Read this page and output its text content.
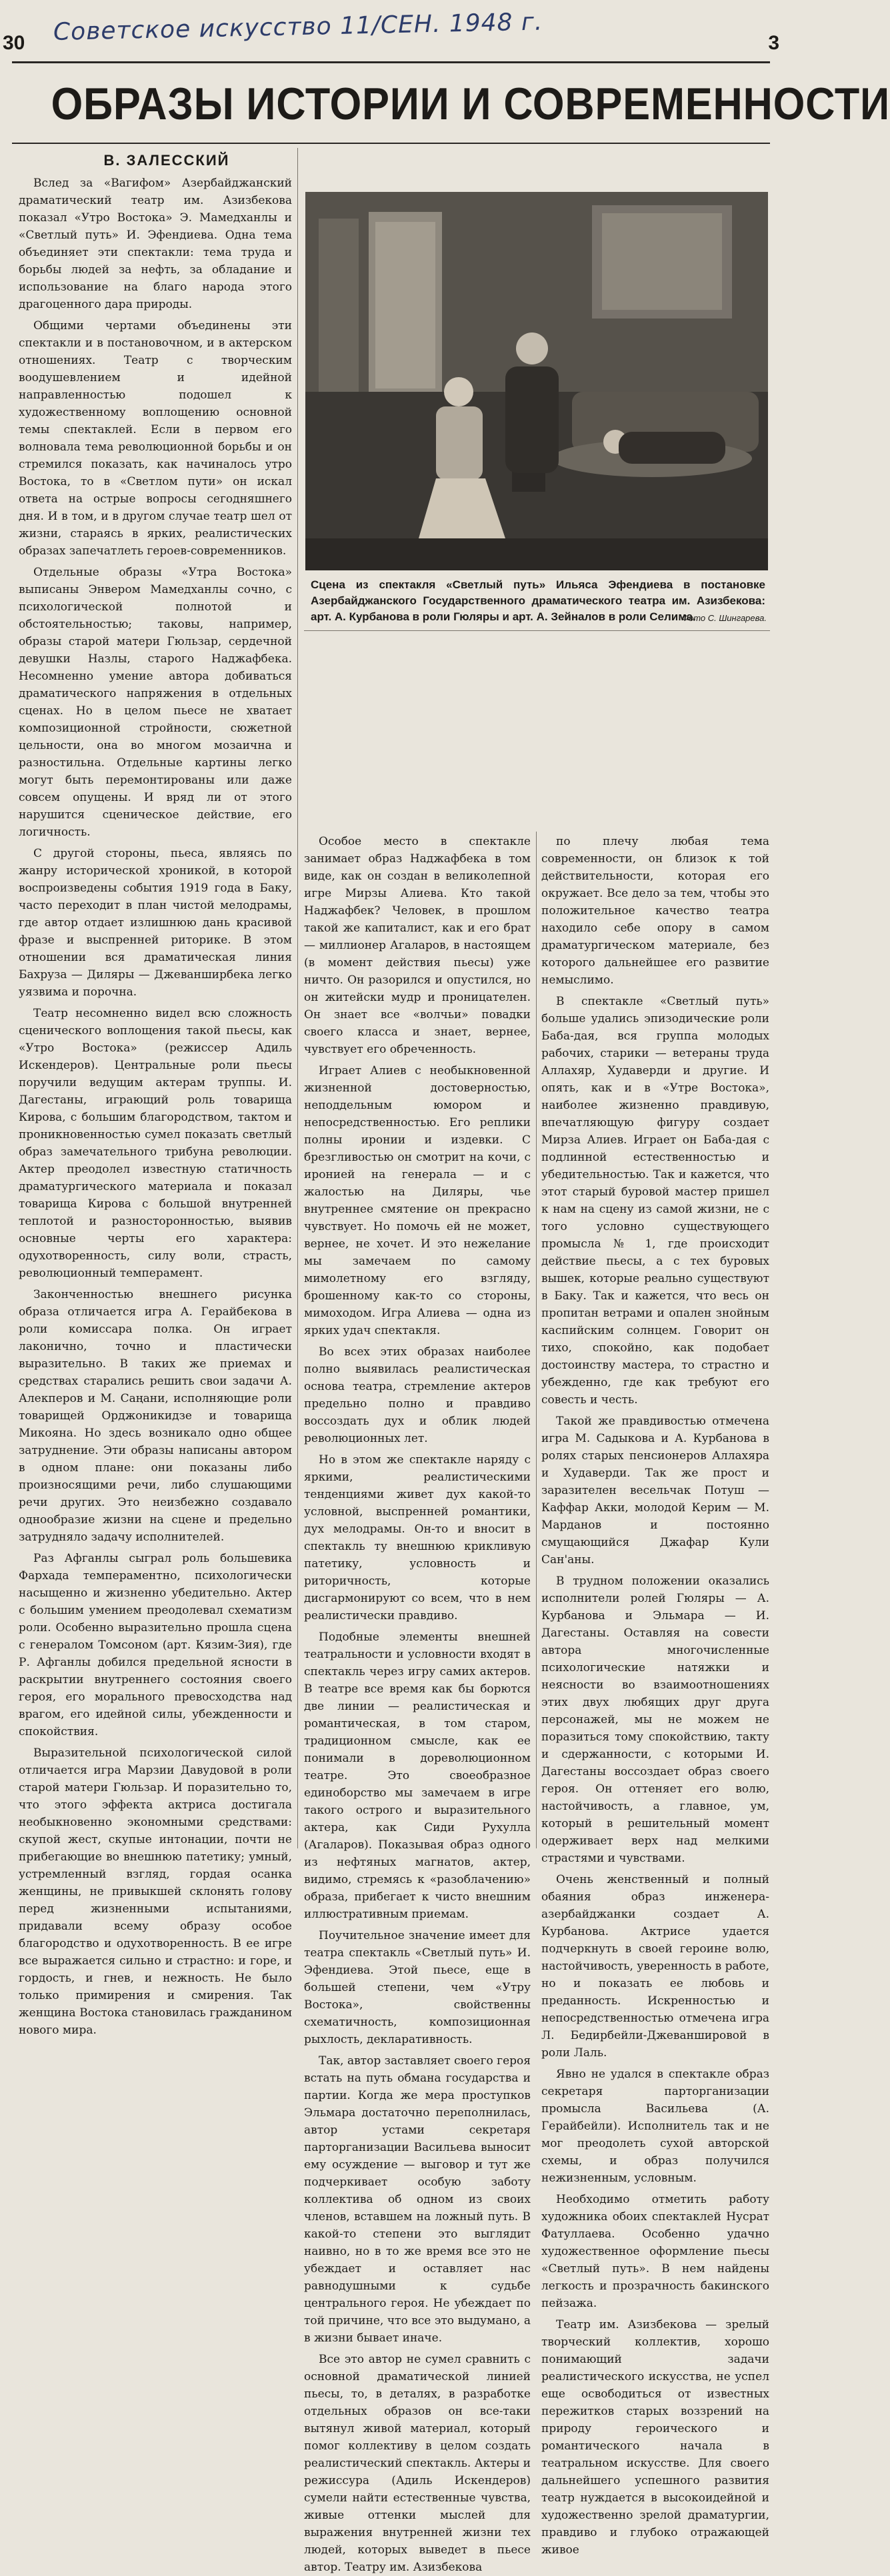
Советское искусство 11/СЕН. 1948 г.
30	3
ОБРАЗЫ ИСТОРИИ И СОВРЕМЕННОСТИ
В. ЗАЛЕССКИЙ

Вслед за «Вагифом» Азербайджанский драматический театр им. Азизбекова показал «Утро Востока» Э. Мамедханлы и «Светлый путь» И. Эфендиева. Одна тема объединяет эти спектакли: тема труда и борьбы людей за нефть, за обладание и использование на благо народа этого драгоценного дара природы.

Общими чертами объединены эти спектакли и в постановочном, и в актерском отношениях. Театр с творческим воодушевлением и идейной направленностью подошел к художественному воплощению основной темы спектаклей. Если в первом его волновала тема революционной борьбы и он стремился показать, как начиналось утро Востока, то в «Светлом пути» он искал ответа на острые вопросы сегодняшнего дня. И в том, и в другом случае театр шел от жизни, стараясь в ярких, реалистических образах запечатлеть героев-современников.

Отдельные образы «Утра Востока» выписаны Энвером Мамедханлы сочно, с психологической полнотой и обстоятельностью; таковы, например, образы старой матери Гюльзар, сердечной девушки Назлы, старого Наджафбека. Несомненно умение автора добиваться драматического напряжения в отдельных сценах. Но в целом пьесе не хватает композиционной стройности, сюжетной цельности, она во многом мозаична и разностильна. Отдельные картины легко могут быть перемонтированы или даже совсем опущены. И вряд ли от этого нарушится сценическое действие, его логичность.

С другой стороны, пьеса, являясь по жанру исторической хроникой, в которой воспроизведены события 1919 года в Баку, часто переходит в план чистой мелодрамы, где автор отдает излишнюю дань красивой фразе и выспренней риторике. В этом отношении вся драматическая линия Бахруза — Диляры — Джеванширбека легко уязвима и порочна.

Театр несомненно видел всю сложность сценического воплощения такой пьесы, как «Утро Востока» (режиссер Адиль Искендеров). Центральные роли пьесы поручили ведущим актерам труппы. И. Дагестаны, играющий роль товарища Кирова, с большим благородством, тактом и проникновенностью сумел показать светлый образ замечательного трибуна революции. Актер преодолел известную статичность драматургического материала и показал товарища Кирова с большой внутренней теплотой и разносторонностью, выявив основные черты его характера: одухотворенность, силу воли, страсть, революционный темперамент.

Законченностью внешнего рисунка образа отличается игра А. Герайбекова в роли комиссара полка. Он играет лаконично, точно и пластически выразительно. В таких же приемах и средствах старались решить свои задачи А. Алекперов и М. Саңани, исполняющие роли товарищей Орджоникидзе и товарища Микояна. Но здесь возникало одно общее затруднение. Эти образы написаны автором в одном плане: они показаны либо произносящими речи, либо слушающими речи других. Это неизбежно создавало однообразие жизни на сцене и предельно затрудняло задачу исполнителей.

Раз Афганлы сыграл роль большевика Фархада темпераментно, психологически насыщенно и жизненно убедительно. Актер с большим умением преодолевал схематизм роли. Особенно выразительно прошла сцена с генералом Томсоном (арт. Кязим-Зия), где Р. Афганлы добился предельной ясности в раскрытии внутреннего состояния своего героя, его морального превосходства над врагом, его идейной силы, убежденности и спокойствия.

Выразительной психологической силой отличается игра Марзии Давудовой в роли старой матери Гюльзар. И поразительно то, что этого эффекта актриса достигала необыкновенно экономными средствами: скупой жест, скупые интонации, почти не прибегающие во внешнюю патетику; умный, устремленный взгляд, гордая осанка женщины, не привыкшей склонять голову перед жизненными испытаниями, придавали всему образу особое благородство и одухотворенность. В ее игре все выражается сильно и страстно: и горе, и гордость, и гнев, и нежность. Не было только примирения и смирения. Так женщина Востока становилась гражданином нового мира.

Сцена из спектакля «Светлый путь» Ильяса Эфендиева в постановке Азербайджанского Государственного драматического театра им. Азизбекова: арт. А. Курбанова в роли Гюляры и арт. А. Зейналов в роли Селима.
Фото С. Шингарева.

Особое место в спектакле занимает образ Наджафбека в том виде, как он создан в великолепной игре Мирзы Алиева. Кто такой Наджафбек? Человек, в прошлом такой же капиталист, как и его брат — миллионер Агаларов, в настоящем (в момент действия пьесы) уже ничто. Он разорился и опустился, но он житейски мудр и проницателен. Он знает все «волчьи» повадки своего класса и знает, вернее, чувствует его обреченность.

Играет Алиев с необыкновенной жизненной достоверностью, неподдельным юмором и непосредственностью. Его реплики полны иронии и издевки. С брезгливостью он смотрит на кочи, с иронией на генерала — и с жалостью на Диляры, чье внутреннее смятение он прекрасно чувствует. Но помочь ей не может, вернее, не хочет. И это нежелание мы замечаем по самому мимолетному его взгляду, брошенному как-то со стороны, мимоходом. Игра Алиева — одна из ярких удач спектакля.

Во всех этих образах наиболее полно выявилась реалистическая основа театра, стремление актеров предельно полно и правдиво воссоздать дух и облик людей революционных лет.

Но в этом же спектакле наряду с яркими, реалистическими тенденциями живет дух какой-то условной, выспренней романтики, дух мелодрамы. Он-то и вносит в спектакль ту внешнюю крикливую патетику, условность и риторичность, которые дисгармонируют со всем, что в нем реалистически правдиво.

Подобные элементы внешней театральности и условности входят в спектакль через игру самих актеров. В театре все время как бы борются две линии — реалистическая и романтическая, в том старом, традиционном смысле, как ее понимали в дореволюционном театре. Это своеобразное единоборство мы замечаем в игре такого острого и выразительного актера, как Сиди Рухулла (Агаларов). Показывая образ одного из нефтяных магнатов, актер, видимо, стремясь к «разоблачению» образа, прибегает к чисто внешним иллюстративным приемам.

Поучительное значение имеет для театра спектакль «Светлый путь» И. Эфендиева. Этой пьесе, еще в большей степени, чем «Утру Востока», свойственны схематичность, композиционная рыхлость, декларативность.

Так, автор заставляет своего героя встать на путь обмана государства и партии. Когда же мера проступков Эльмара достаточно переполнилась, автор устами секретаря парторганизации Васильева выносит ему осуждение — выговор и тут же подчеркивает особую заботу коллектива об одном из своих членов, вставшем на ложный путь. В какой-то степени это выглядит наивно, но в то же время все это не убеждает и оставляет нас равнодушными к судьбе центрального героя. Не убеждает по той причине, что все это выдумано, а в жизни бывает иначе.

Все это автор не сумел сравнить с основной драматической линией пьесы, то, в деталях, в разработке отдельных образов он все-таки вытянул живой материал, который помог коллективу в целом создать реалистический спектакль. Актеры и режиссура (Адиль Искендеров) сумели найти естественные чувства, живые оттенки мыслей для выражения внутренней жизни тех людей, которых выведет в пьесе автор. Театру им. Азизбекова

по плечу любая тема современности, он близок к той действительности, которая его окружает. Все дело за тем, чтобы это положительное качество театра находило себе опору в самом драматургическом материале, без которого дальнейшее его развитие немыслимо.

В спектакле «Светлый путь» больше удались эпизодические роли Баба-дая, вся группа молодых рабочих, старики — ветераны труда Аллахяр, Худаверди и другие. И опять, как и в «Утре Востока», наиболее жизненно правдивую, впечатляющую фигуру создает Мирза Алиев. Играет он Баба-дая с подлинной естественностью и убедительностью. Так и кажется, что этот старый буровой мастер пришел к нам на сцену из самой жизни, не с того условно существующего промысла № 1, где происходит действие пьесы, а с тех буровых вышек, которые реально существуют в Баку. Так и кажется, что весь он пропитан ветрами и опален знойным каспийским солнцем. Говорит он тихо, спокойно, как подобает достоинству мастера, то страстно и убежденно, где как требуют его совесть и честь.

Такой же правдивостью отмечена игра М. Садыкова и А. Курбанова в ролях старых пенсионеров Аллахяра и Худаверди. Так же прост и заразителен весельчак Потуш — Каффар Акки, молодой Керим — М. Марданов и постоянно смущающийся Джафар Кули Сан'аны.

В трудном положении оказались исполнители ролей Гюляры — А. Курбанова и Эльмара — И. Дагестаны. Оставляя на совести автора многочисленные психологические натяжки и неясности во взаимоотношениях этих двух любящих друг друга персонажей, мы не можем не поразиться тому спокойствию, такту и сдержанности, с которыми И. Дагестаны воссоздает образ своего героя. Он оттеняет его волю, настойчивость, а главное, ум, который в решительный момент одерживает верх над мелкими страстями и чувствами.

Очень женственный и полный обаяния образ инженера-азербайджанки создает А. Курбанова. Актрисе удается подчеркнуть в своей героине волю, настойчивость, уверенность в работе, но и показать ее любовь и преданность. Искренностью и непосредственностью отмечена игра Л. Бедирбейли-Джеваншировой в роли Лаль.

Явно не удался в спектакле образ секретаря парторганизации промысла Васильева (А. Герайбейли). Исполнитель так и не мог преодолеть сухой авторской схемы, и образ получился нежизненным, условным.

Необходимо отметить работу художника обоих спектаклей Нусрат Фатуллаева. Особенно удачно художественное оформление пьесы «Светлый путь». В нем найдены легкость и прозрачность бакинского пейзажа.

Театр им. Азизбекова — зрелый творческий коллектив, хорошо понимающий задачи реалистического искусства, не успел еще освободиться от известных пережитков старых воззрений на природу героического и романтического начала в театральном искусстве. Для своего дальнейшего успешного развития театр нуждается в высокоидейной и художественно зрелой драматургии, правдиво и глубоко отражающей живое
